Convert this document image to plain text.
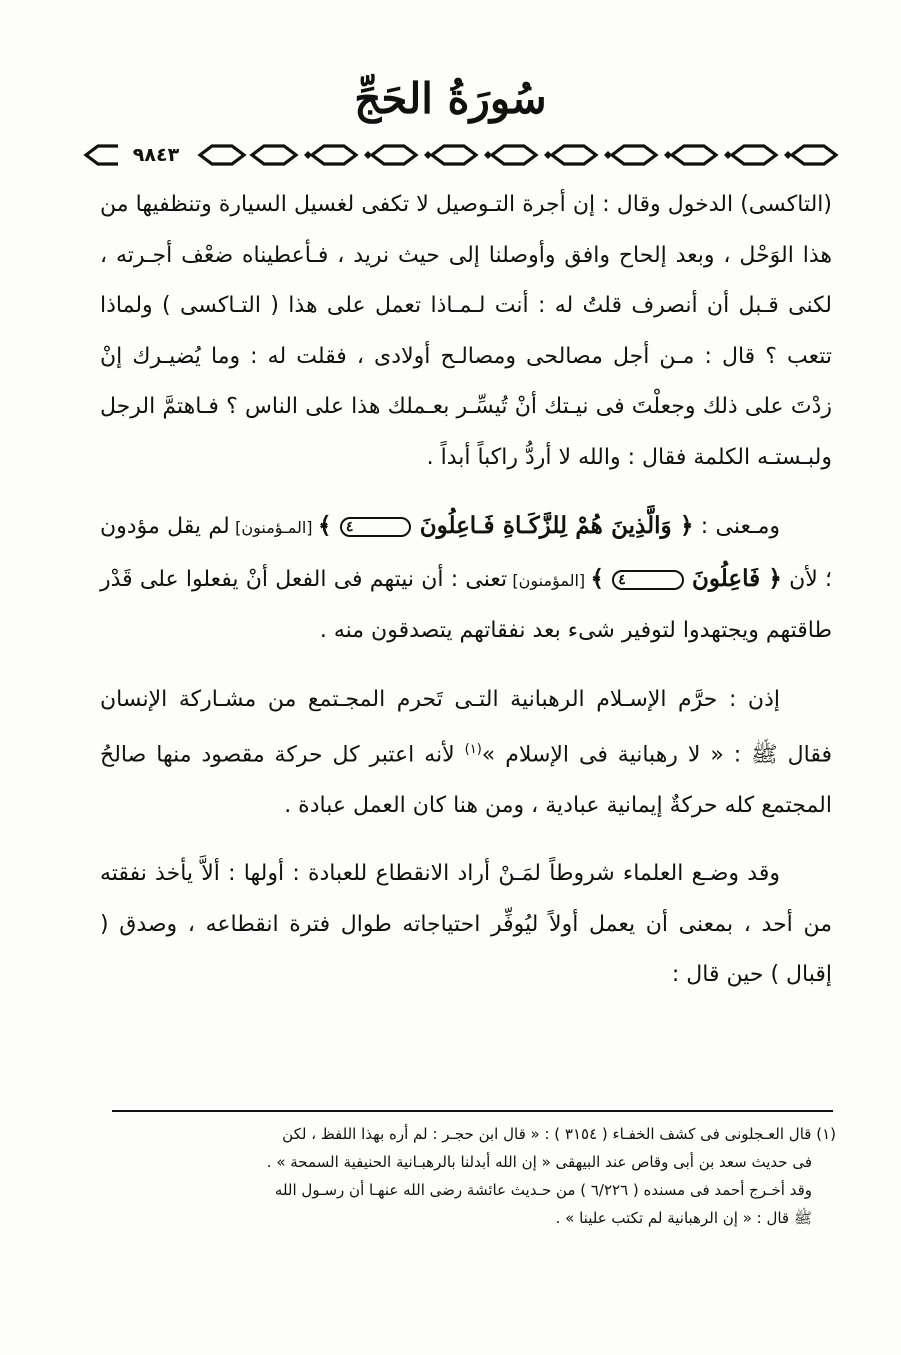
سُورَةُ الحَجِّ
٩٨٤٣

(التاكسى) الدخول وقال : إن أجرة التـوصيل لا تكفى لغسيل السيارة وتنظفيها من هذا الوَحْل ، وبعد إلحاح وافق وأوصلنا إلى حيث نريد ، فـأعطيناه ضعْف أجـرته ، لكنى قـبل أن أنصرف قلتُ له : أنت لـمـاذا تعمل على هذا ( التـاكسى ) ولماذا تتعب ؟ قال : مـن أجل مصالحى ومصالـح أولادى ، فقلت له : وما يُضيـرك إنْ زدْتَ على ذلك وجعلْتَ فى نيـتك أنْ تُيسِّـر بعـملك هذا على الناس ؟ فـاهتمَّ الرجل ولبـستـه الكلمة فقال : والله لا أردُّ راكباً أبداً .

ومـعنى : ﴿ وَالَّذِينَ هُمْ لِلزَّكَـاةِ فَـاعِلُونَ ٤ ﴾ [المـؤمنون] لم يقل مؤدون ؛ لأن ﴿ فَاعِلُونَ ٤ ﴾ [المؤمنون] تعنى : أن نيتهم فى الفعل أنْ يفعلوا على قَدْر طاقتهم ويجتهدوا لتوفير شىء بعد نفقاتهم يتصدقون منه .

إذن : حرَّم الإسـلام الرهبانية التـى تَحرم المجـتمع من مشـاركة الإنسان فقال ﷺ : « لا رهبانية فى الإسلام »$^{(١)}$ لأنه اعتبر كل حركة مقصود منها صالحُ المجتمع كله حركةٌ إيمانية عبادية ، ومن هنا كان العمل عبادة .

وقد وضـع العلماء شروطاً لمَـنْ أراد الانقطاع للعبادة : أولها : ألاَّ يأخذ نفقته من أحد ، بمعنى أن يعمل أولاً ليُوفِّر احتياجاته طوال فترة انقطاعه ، وصدق ( إقبال ) حين قال :

(١) قال العـجلونى فى كشف الخفـاء ( ٣١٥٤ ) : « قال ابن حجـر : لم أره بهذا اللفظ ، لكن

فى حديث سعد بن أبى وقاص عند البيهقى « إن الله أبدلنا بالرهبـانية الحنيفية السمحة » .

وقد أخـرج أحمد فى مسنده ( ٦/٢٢٦ ) من حـديث عائشة رضى الله عنهـا أن رسـول الله

ﷺ قال : « إن الرهبانية لم تكتب علينا » .
